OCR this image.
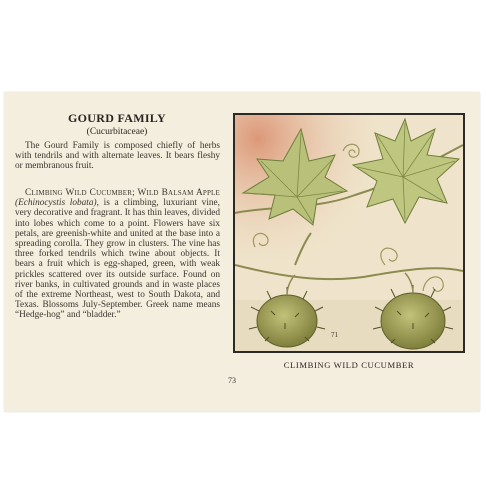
GOURD FAMILY
(Cucurbitaceae)
The Gourd Family is composed chiefly of herbs with tendrils and with alternate leaves. It bears fleshy or membranous fruit.
Climbing Wild Cucumber; Wild Balsam Apple (Echinocystis lobata), is a climbing, luxuriant vine, very decorative and fragrant. It has thin leaves, divided into lobes which come to a point. Flowers have six petals, are greenish-white and united at the base into a spreading corolla. They grow in clusters. The vine has three forked tendrils which twine about objects. It bears a fruit which is egg-shaped, green, with weak prickles scattered over its outside surface. Found on river banks, in cultivated grounds and in waste places of the extreme Northeast, west to South Dakota, and Texas. Blossoms July-September. Greek name means “Hedge-hog” and “bladder.”
73
71
CLIMBING WILD CUCUMBER
